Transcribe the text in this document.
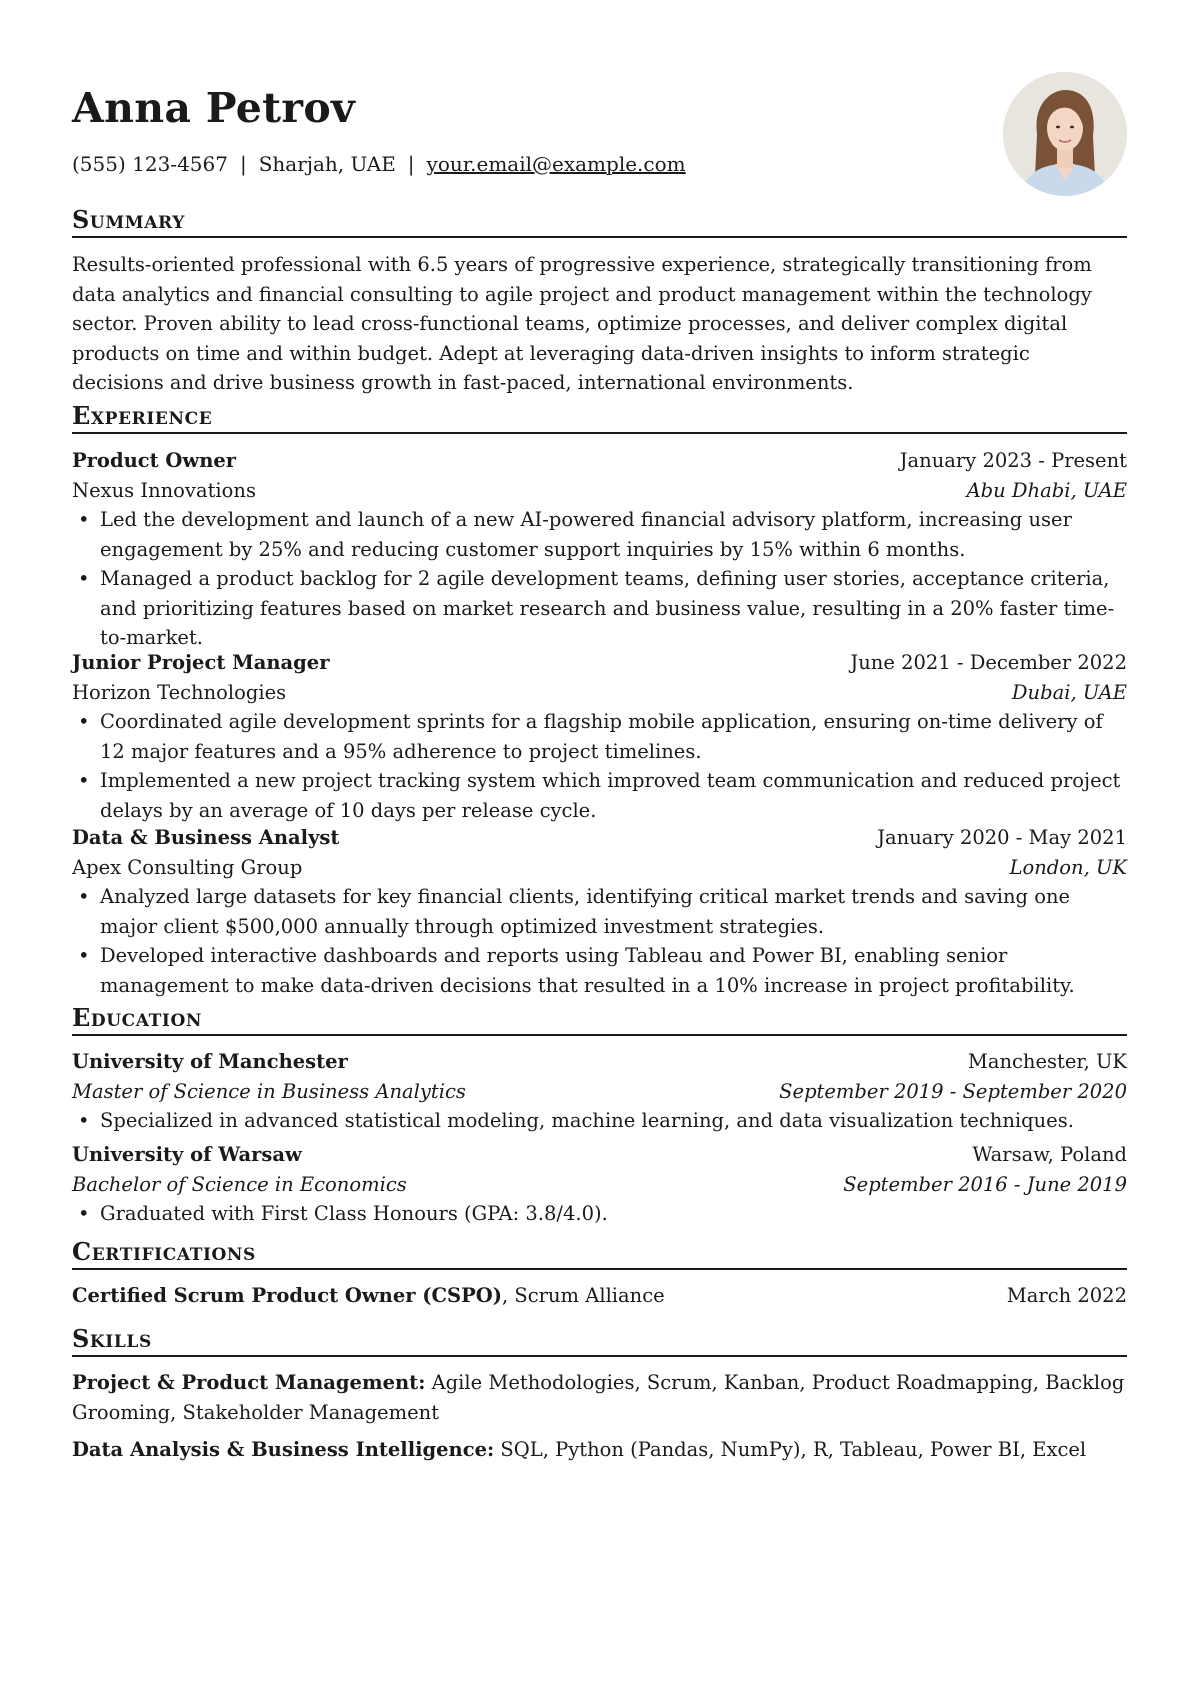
Anna Petrov
(555) 123-4567 | Sharjah, UAE | your.email@example.com
Summary

Results-oriented professional with 6.5 years of progressive experience, strategically transitioning from data analytics and financial consulting to agile project and product management within the technology sector. Proven ability to lead cross-functional teams, optimize processes, and deliver complex digital products on time and within budget. Adept at leveraging data-driven insights to inform strategic decisions and drive business growth in fast-paced, international environments.

Experience
Product Owner	January 2023 - Present
Nexus Innovations	Abu Dhabi, UAE
• Led the development and launch of a new AI-powered financial advisory platform, increasing user engagement by 25% and reducing customer support inquiries by 15% within 6 months.
• Managed a product backlog for 2 agile development teams, defining user stories, acceptance criteria, and prioritizing features based on market research and business value, resulting in a 20% faster time-to-market.
Junior Project Manager	June 2021 - December 2022
Horizon Technologies	Dubai, UAE
• Coordinated agile development sprints for a flagship mobile application, ensuring on-time delivery of 12 major features and a 95% adherence to project timelines.
• Implemented a new project tracking system which improved team communication and reduced project delays by an average of 10 days per release cycle.
Data & Business Analyst	January 2020 - May 2021
Apex Consulting Group	London, UK
• Analyzed large datasets for key financial clients, identifying critical market trends and saving one major client $500,000 annually through optimized investment strategies.
• Developed interactive dashboards and reports using Tableau and Power BI, enabling senior management to make data-driven decisions that resulted in a 10% increase in project profitability.
Education
University of Manchester	Manchester, UK
Master of Science in Business Analytics	September 2019 - September 2020
• Specialized in advanced statistical modeling, machine learning, and data visualization techniques.
University of Warsaw	Warsaw, Poland
Bachelor of Science in Economics	September 2016 - June 2019
• Graduated with First Class Honours (GPA: 3.8/4.0).
Certifications
Certified Scrum Product Owner (CSPO), Scrum Alliance	March 2022
Skills

Project & Product Management: Agile Methodologies, Scrum, Kanban, Product Roadmapping, Backlog Grooming, Stakeholder Management

Data Analysis & Business Intelligence: SQL, Python (Pandas, NumPy), R, Tableau, Power BI, Excel
